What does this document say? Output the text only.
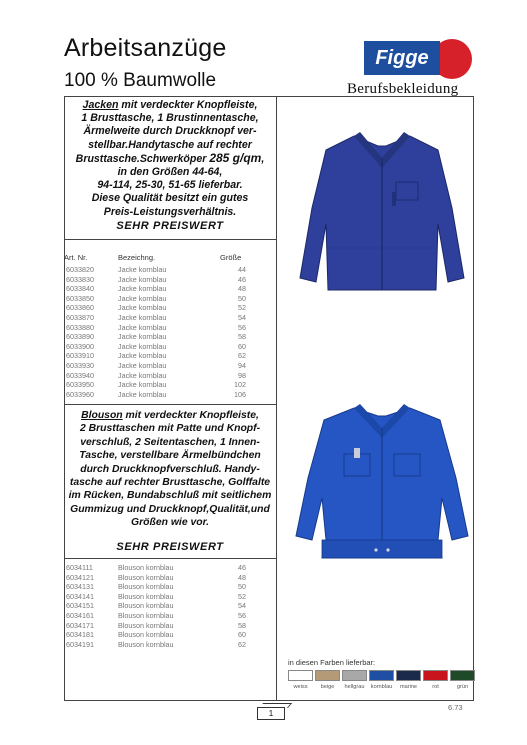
Arbeitsanzüge
100 % Baumwolle
Figge
Berufsbekleidung
Jacken mit verdeckter Knopfleiste,
1 Brusttasche, 1 Brustinnentasche,
Ärmelweite durch Druckknopf ver-
stellbar.Handytasche auf rechter
Brusttasche.Schwerköper 285 g/qm,
in den Größen 44-64,
94-114, 25-30, 51-65 lieferbar.
Diese Qualität besitzt ein gutes
Preis-Leistungsverhältnis.
SEHR PREISWERT
Art. Nr.	Bezeichng.	Größe
6033820	Jacke kornblau	44
6033830	Jacke kornblau	46
6033840	Jacke kornblau	48
6033850	Jacke kornblau	50
6033860	Jacke kornblau	52
6033870	Jacke kornblau	54
6033880	Jacke kornblau	56
6033890	Jacke kornblau	58
6033900	Jacke kornblau	60
6033910	Jacke kornblau	62
6033930	Jacke kornblau	94
6033940	Jacke kornblau	98
6033950	Jacke kornblau	102
6033960	Jacke kornblau	106
Blouson mit verdeckter Knopfleiste,
2 Brusttaschen mit Patte und Knopf-
verschluß, 2 Seitentaschen, 1 Innen-
Tasche, verstellbare Ärmelbündchen
durch Druckknopfverschluß. Handy-
tasche auf rechter Brusttasche, Golffalte
im Rücken, Bundabschluß mit seitlichem
Gummizug und Druckknopf,Qualität,und
Größen wie vor.
SEHR PREISWERT
6034111	Blouson kornblau	46
6034121	Blouson kornblau	48
6034131	Blouson kornblau	50
6034141	Blouson kornblau	52
6034151	Blouson kornblau	54
6034161	Blouson kornblau	56
6034171	Blouson kornblau	58
6034181	Blouson kornblau	60
6034191	Blouson kornblau	62
in diesen Farben lieferbar:
weiss	beige	hellgrau	kornblau	marine	rot	grün
1
6.73
